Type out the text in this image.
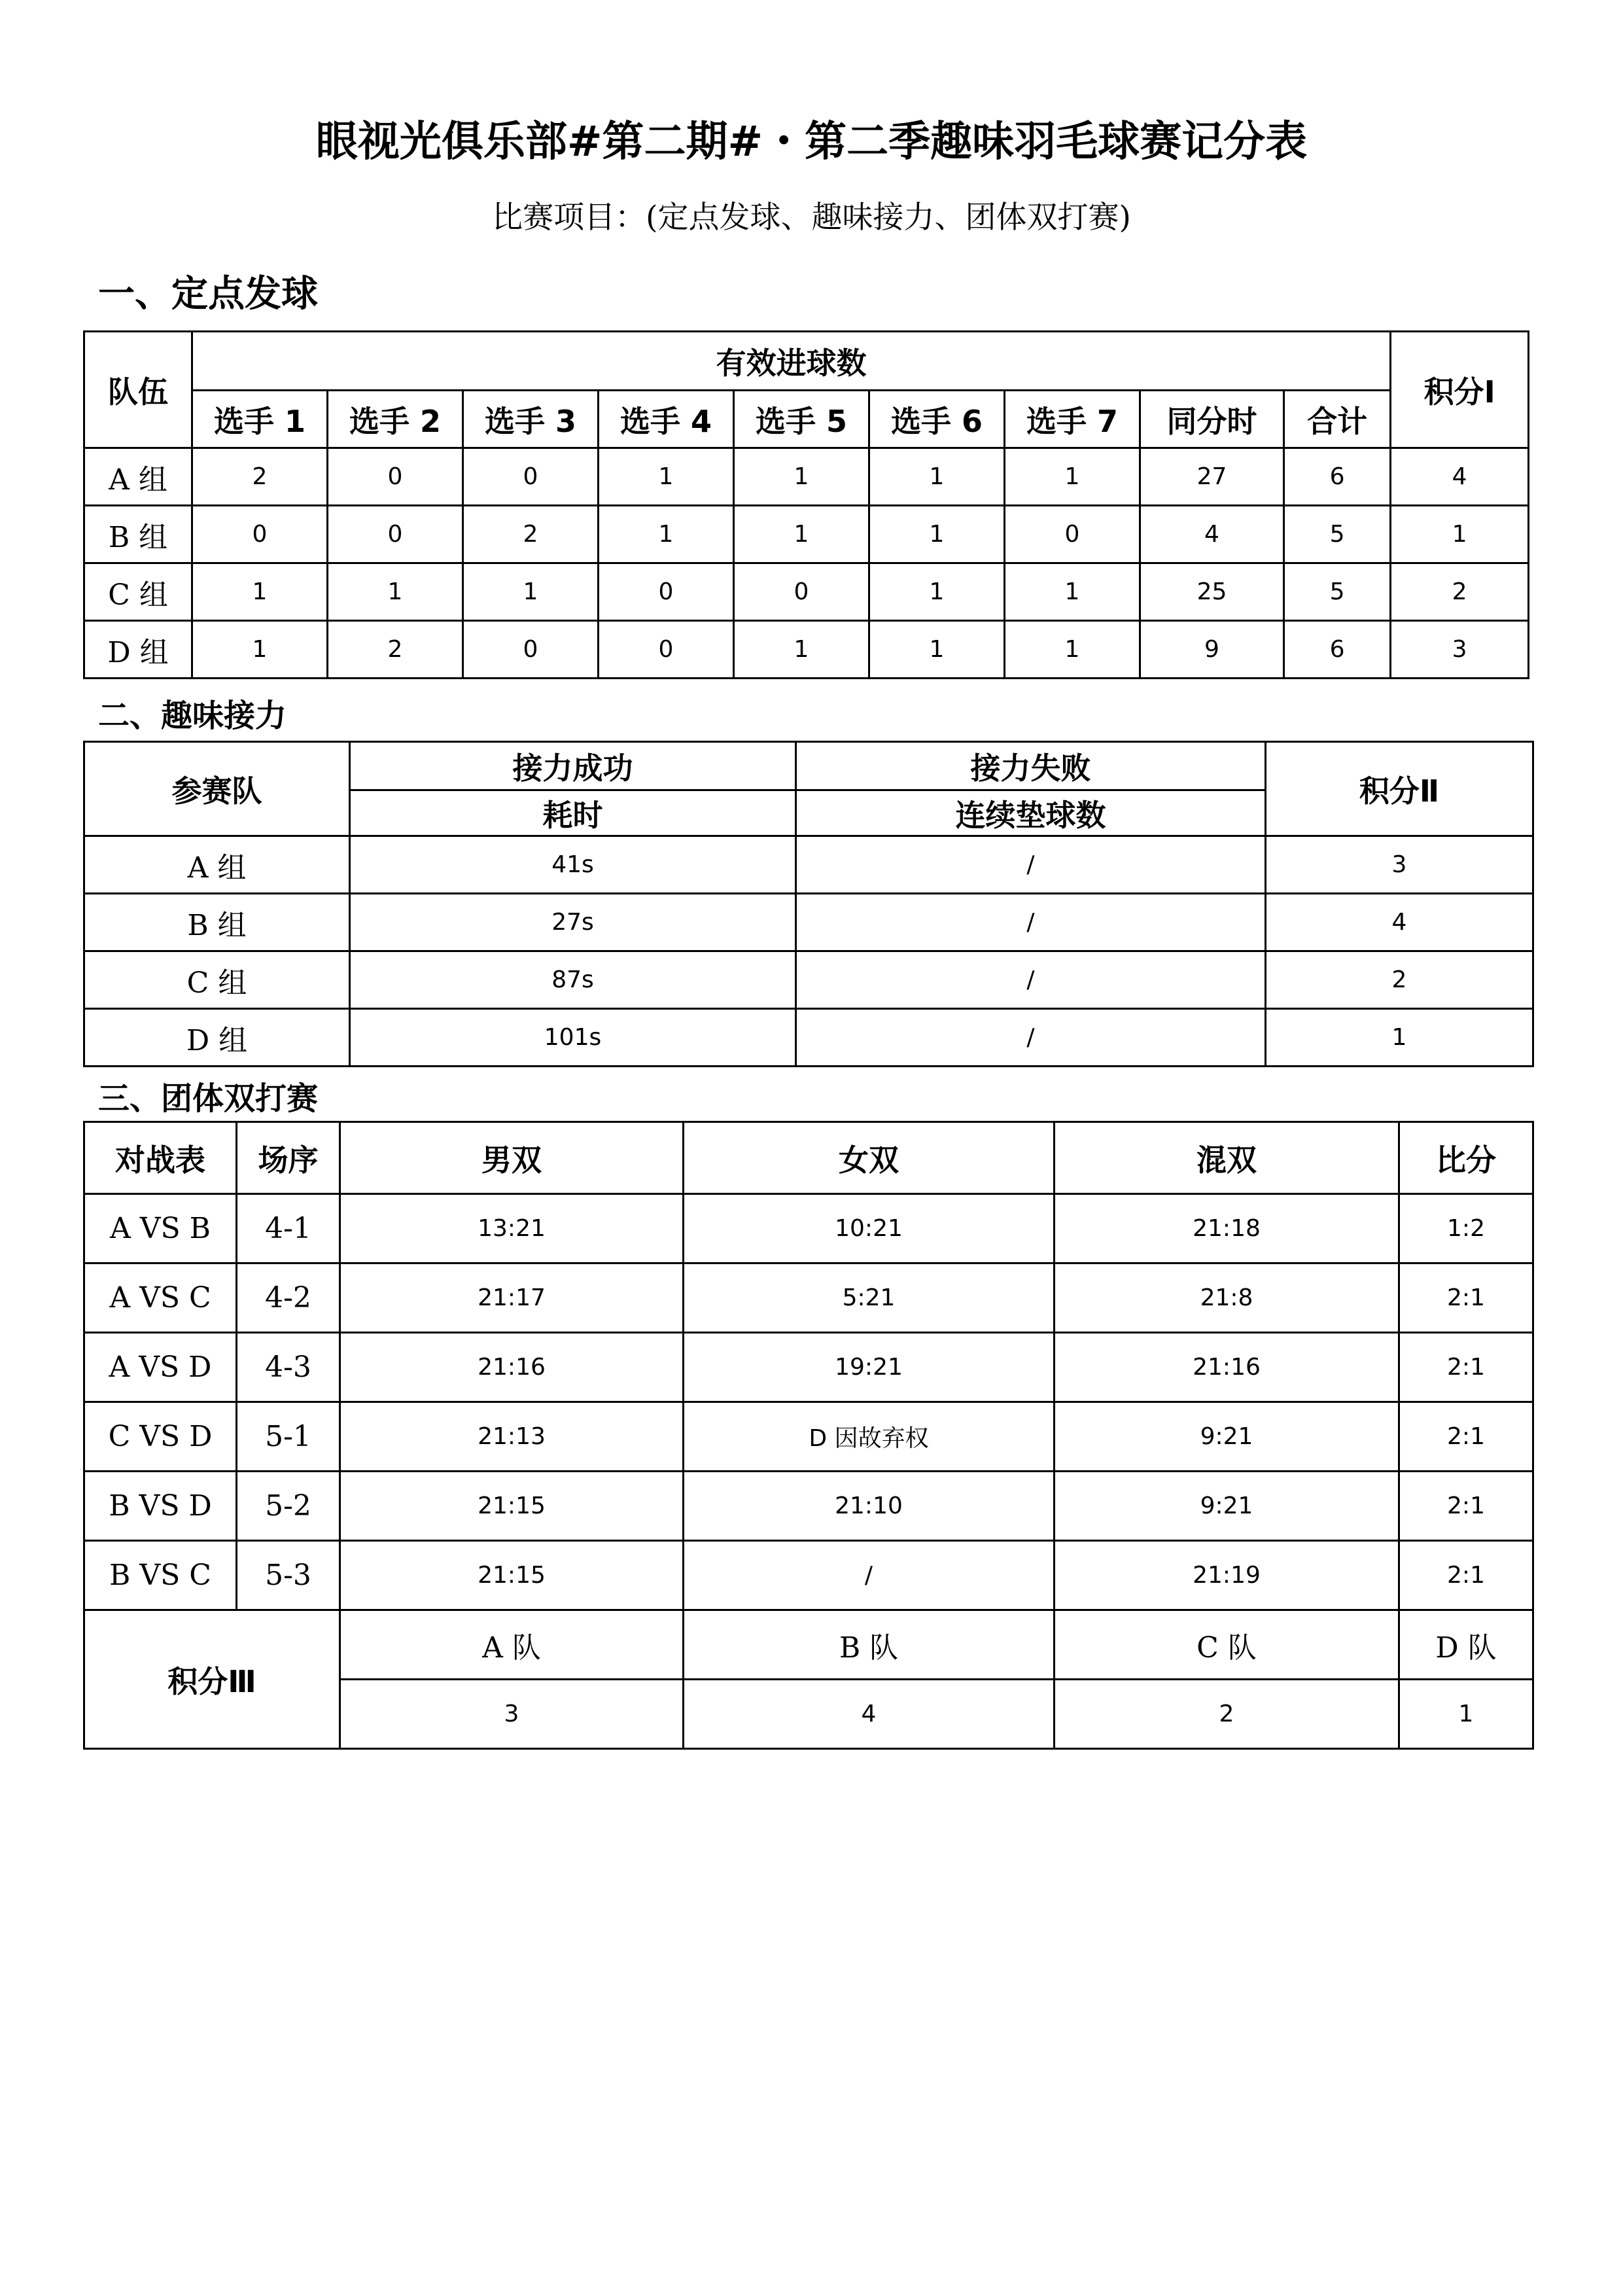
眼视光俱乐部#第二期#・第二季趣味羽毛球赛记分表
比赛项目：(定点发球、趣味接力、团体双打赛)
一、定点发球
队伍	有效进球数									积分Ⅰ
	选手 1	选手 2	选手 3	选手 4	选手 5	选手 6	选手 7	同分时	合计	
A 组	2	0	0	1	1	1	1	27	6	4
B 组	0	0	2	1	1	1	0	4	5	1
C 组	1	1	1	0	0	1	1	25	5	2
D 组	1	2	0	0	1	1	1	9	6	3
二、趣味接力
参赛队	接力成功	接力失败	积分Ⅱ
	耗时	连续垫球数	
A 组	41s	/	3
B 组	27s	/	4
C 组	87s	/	2
D 组	101s	/	1
三、团体双打赛
对战表	场序	男双	女双	混双	比分
A VS B	4-1	13:21	10:21	21:18	1:2
A VS C	4-2	21:17	5:21	21:8	2:1
A VS D	4-3	21:16	19:21	21:16	2:1
C VS D	5-1	21:13	D 因故弃权	9:21	2:1
B VS D	5-2	21:15	21:10	9:21	2:1
B VS C	5-3	21:15	/	21:19	2:1
积分Ⅲ		A 队	B 队	C 队	D 队
		3	4	2	1
